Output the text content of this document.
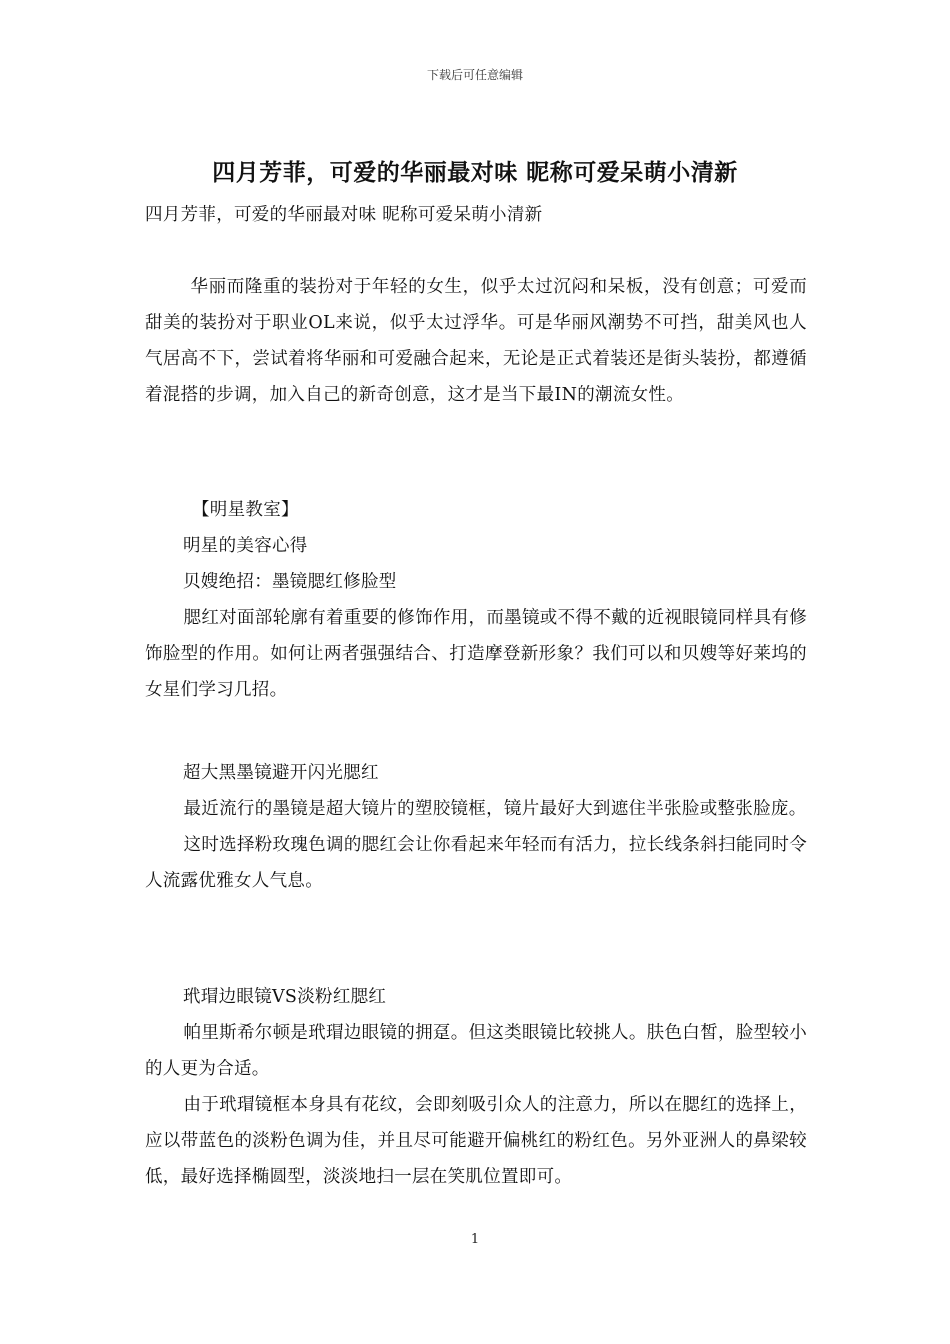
下载后可任意编辑
四月芳菲，可爱的华丽最对味 昵称可爱呆萌小清新

四月芳菲，可爱的华丽最对味 昵称可爱呆萌小清新

华丽而隆重的装扮对于年轻的女生，似乎太过沉闷和呆板，没有创意；可爱而甜美的装扮对于职业OL来说，似乎太过浮华。可是华丽风潮势不可挡，甜美风也人气居高不下，尝试着将华丽和可爱融合起来，无论是正式着装还是街头装扮，都遵循着混搭的步调，加入自己的新奇创意，这才是当下最IN的潮流女性。

【明星教室】

明星的美容心得

贝嫂绝招：墨镜腮红修脸型

腮红对面部轮廓有着重要的修饰作用，而墨镜或不得不戴的近视眼镜同样具有修饰脸型的作用。如何让两者强强结合、打造摩登新形象？我们可以和贝嫂等好莱坞的女星们学习几招。

超大黑墨镜避开闪光腮红

最近流行的墨镜是超大镜片的塑胶镜框，镜片最好大到遮住半张脸或整张脸庞。

这时选择粉玫瑰色调的腮红会让你看起来年轻而有活力，拉长线条斜扫能同时令人流露优雅女人气息。

玳瑁边眼镜VS淡粉红腮红

帕里斯希尔顿是玳瑁边眼镜的拥趸。但这类眼镜比较挑人。肤色白皙，脸型较小的人更为合适。

由于玳瑁镜框本身具有花纹，会即刻吸引众人的注意力，所以在腮红的选择上，应以带蓝色的淡粉色调为佳，并且尽可能避开偏桃红的粉红色。另外亚洲人的鼻梁较低，最好选择椭圆型，淡淡地扫一层在笑肌位置即可。

1
